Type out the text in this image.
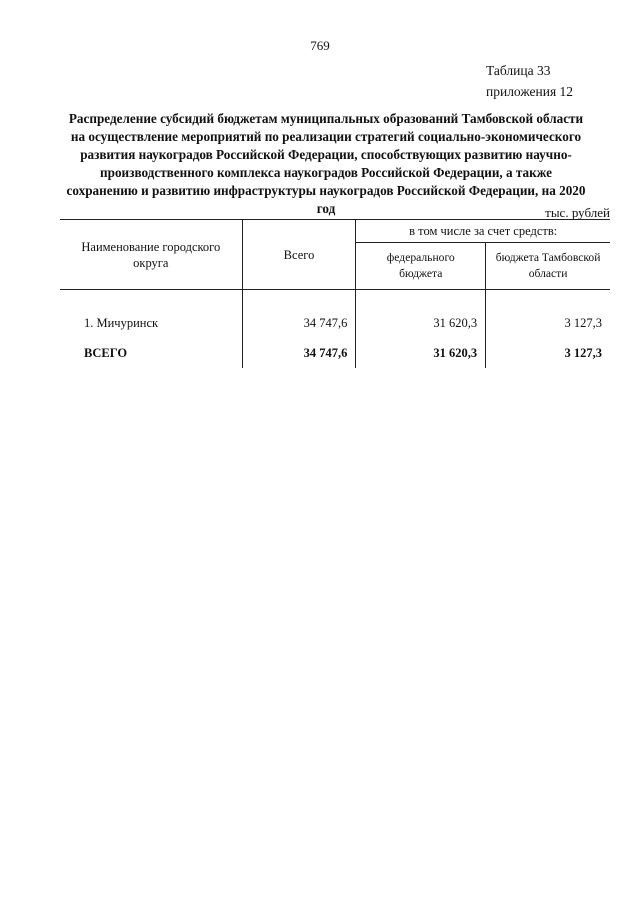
769
Таблица 33
приложения 12
Распределение субсидий бюджетам муниципальных образований Тамбовской области на осуществление мероприятий по реализации стратегий социально-экономического развития наукоградов Российской Федерации, способствующих развитию научно-производственного комплекса наукоградов Российской Федерации, а также сохранению и развитию инфраструктуры наукоградов Российской Федерации, на 2020 год	тыс. рублей
Наименование городского округа	Всего	в том числе за счет средств:	
		федерального бюджета	бюджета Тамбовской области
1. Мичуринск	34 747,6	31 620,3	3 127,3
ВСЕГО	34 747,6	31 620,3	3 127,3
